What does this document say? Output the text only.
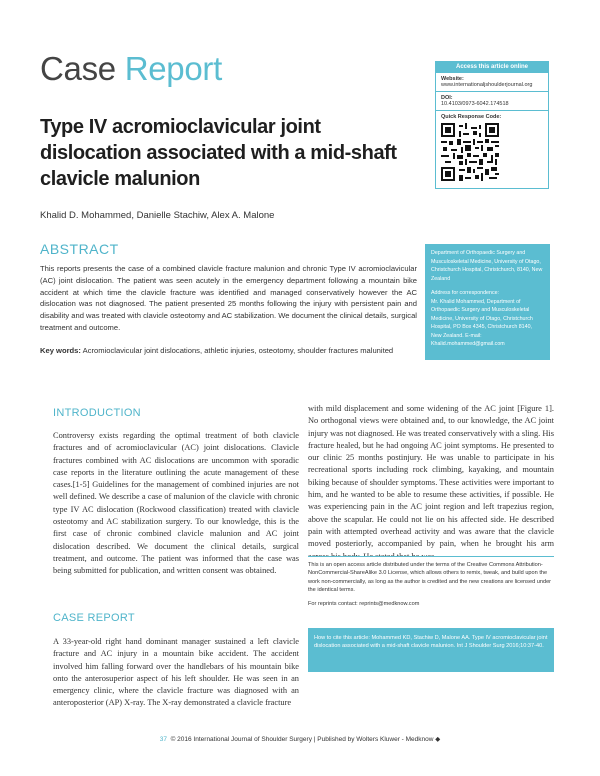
Case Report
Type IV acromioclavicular joint dislocation associated with a mid-shaft clavicle malunion
Khalid D. Mohammed, Danielle Stachiw, Alex A. Malone
Access this article online
Website:
www.internationaljshoulderjournal.org
DOI:
10.4103/0973-6042.174518
Quick Response Code:
ABSTRACT
This reports presents the case of a combined clavicle fracture malunion and chronic Type IV acromioclavicular (AC) joint dislocation. The patient was seen acutely in the emergency department following a mountain bike accident at which time the clavicle fracture was identified and managed conservatively however the AC dislocation was not diagnosed. The patient presented 25 months following the injury with persistent pain and disability and was treated with clavicle osteotomy and AC stabilization. We document the clinical details, surgical treatment and outcome.
Key words: Acromioclavicular joint dislocations, athletic injuries, osteotomy, shoulder fractures malunited

Department of Orthopaedic Surgery and Musculoskeletal Medicine, University of Otago, Christchurch Hospital, Christchurch, 8140, New Zealand

Address for correspondence:
Mr. Khalid Mohammed, Department of Orthopaedic Surgery and Musculoskeletal Medicine, University of Otago, Christchurch Hospital, PO Box 4345, Christchurch 8140, New Zealand. E-mail: Khalid.mohammed@gmail.com

INTRODUCTION

Controversy exists regarding the optimal treatment of both clavicle fractures and of acromioclavicular (AC) joint dislocations. Clavicle fractures combined with AC dislocations are uncommon with sporadic case reports in the literature outlining the acute management of these cases.[1-5] Guidelines for the management of combined injuries are not well defined. We describe a case of malunion of the clavicle with chronic type IV AC dislocation (Rockwood classification) treated with clavicle osteotomy and AC stabilization surgery. To our knowledge, this is the first case of chronic combined clavicle malunion and AC joint dislocation described. We document the clinical details, surgical treatment, and outcome. The patient was informed that the case was being submitted for publication, and written consent was obtained.

CASE REPORT

A 33-year-old right hand dominant manager sustained a left clavicle fracture and AC injury in a mountain bike accident. The accident involved him falling forward over the handlebars of his mountain bike onto the anterosuperior aspect of his left shoulder. He was seen in an emergency clinic, where the clavicle fracture was diagnosed with an anteroposterior (AP) X-ray. The X-ray demonstrated a clavicle fracture

with mild displacement and some widening of the AC joint [Figure 1]. No orthogonal views were obtained and, to our knowledge, the AC joint injury was not diagnosed. He was treated conservatively with a sling. His fracture healed, but he had ongoing AC joint symptoms. He presented to our clinic 25 months postinjury. He was unable to participate in his recreational sports including rock climbing, kayaking, and mountain biking because of shoulder symptoms. These activities were important to him, and he wanted to be able to resume these activities, if possible. He was experiencing pain in the AC joint region and left trapezius region, above the scapular. He could not lie on his affected side. He described pain with attempted overhead activity and was aware that the clavicle moved posteriorly, accompanied by pain, when he brought his arm

This is an open access article distributed under the terms of the Creative Commons Attribution-NonCommercial-ShareAlike 3.0 License, which allows others to remix, tweak, and build upon the work non-commercially, as long as the author is credited and the new creations are licensed under the identical terms.

For reprints contact: reprints@medknow.com

How to cite this article: Mohammed KD, Stachiw D, Malone AA. Type IV acromioclavicular joint dislocation associated with a mid-shaft clavicle malunion. Int J Shoulder Surg 2016;10:37-40.
37 © 2016 International Journal of Shoulder Surgery | Published by Wolters Kluwer - Medknow ◆
